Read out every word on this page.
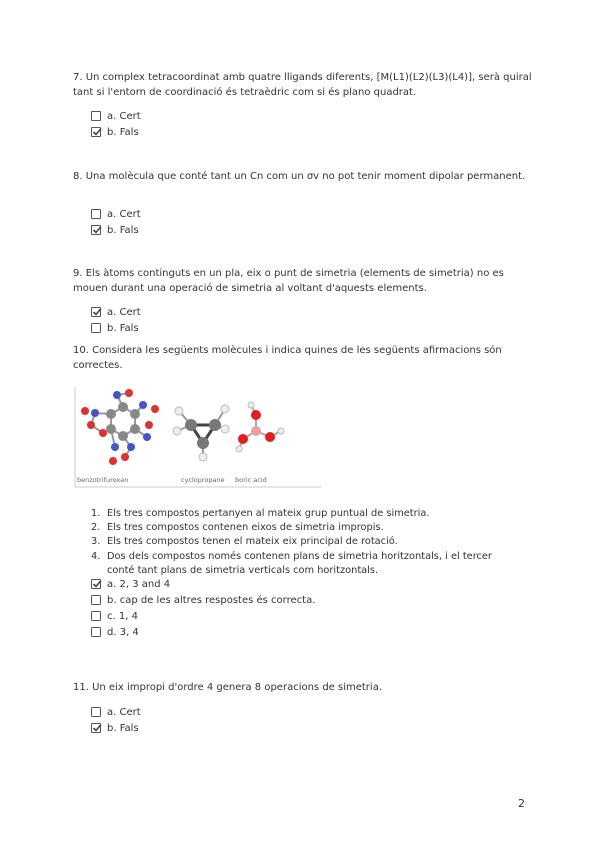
7. Un complex tetracoordinat amb quatre lligands diferents, [M(L1)(L2)(L3)(L4)], serà quiral tant si l'entorn de coordinació és tetraèdric com si és plano quadrat.
a. Cert
b. Fals
8. Una molècula que conté tant un Cn com un σv no pot tenir moment dipolar permanent.
a. Cert
b. Fals
9. Els àtoms continguts en un pla, eix o punt de simetria (elements de simetria) no es mouen durant una operació de simetria al voltant d'aquests elements.
a. Cert
b. Fals
10. Considera les següents molècules i indica quines de les següents afirmacions són correctes.
benzotrifuroxan	cyclopropane boric acid
1. Els tres compostos pertanyen al mateix grup puntual de simetria.
2. Els tres compostos contenen eixos de simetria impropis.
3. Els tres compostos tenen el mateix eix principal de rotació.
4. Dos dels compostos només contenen plans de simetria horitzontals, i el tercer conté tant plans de simetria verticals com horitzontals.
a. 2, 3 and 4
b. cap de les altres respostes és correcta.
c. 1, 4
d. 3, 4
11. Un eix impropi d'ordre 4 genera 8 operacions de simetria.
a. Cert
b. Fals
2
